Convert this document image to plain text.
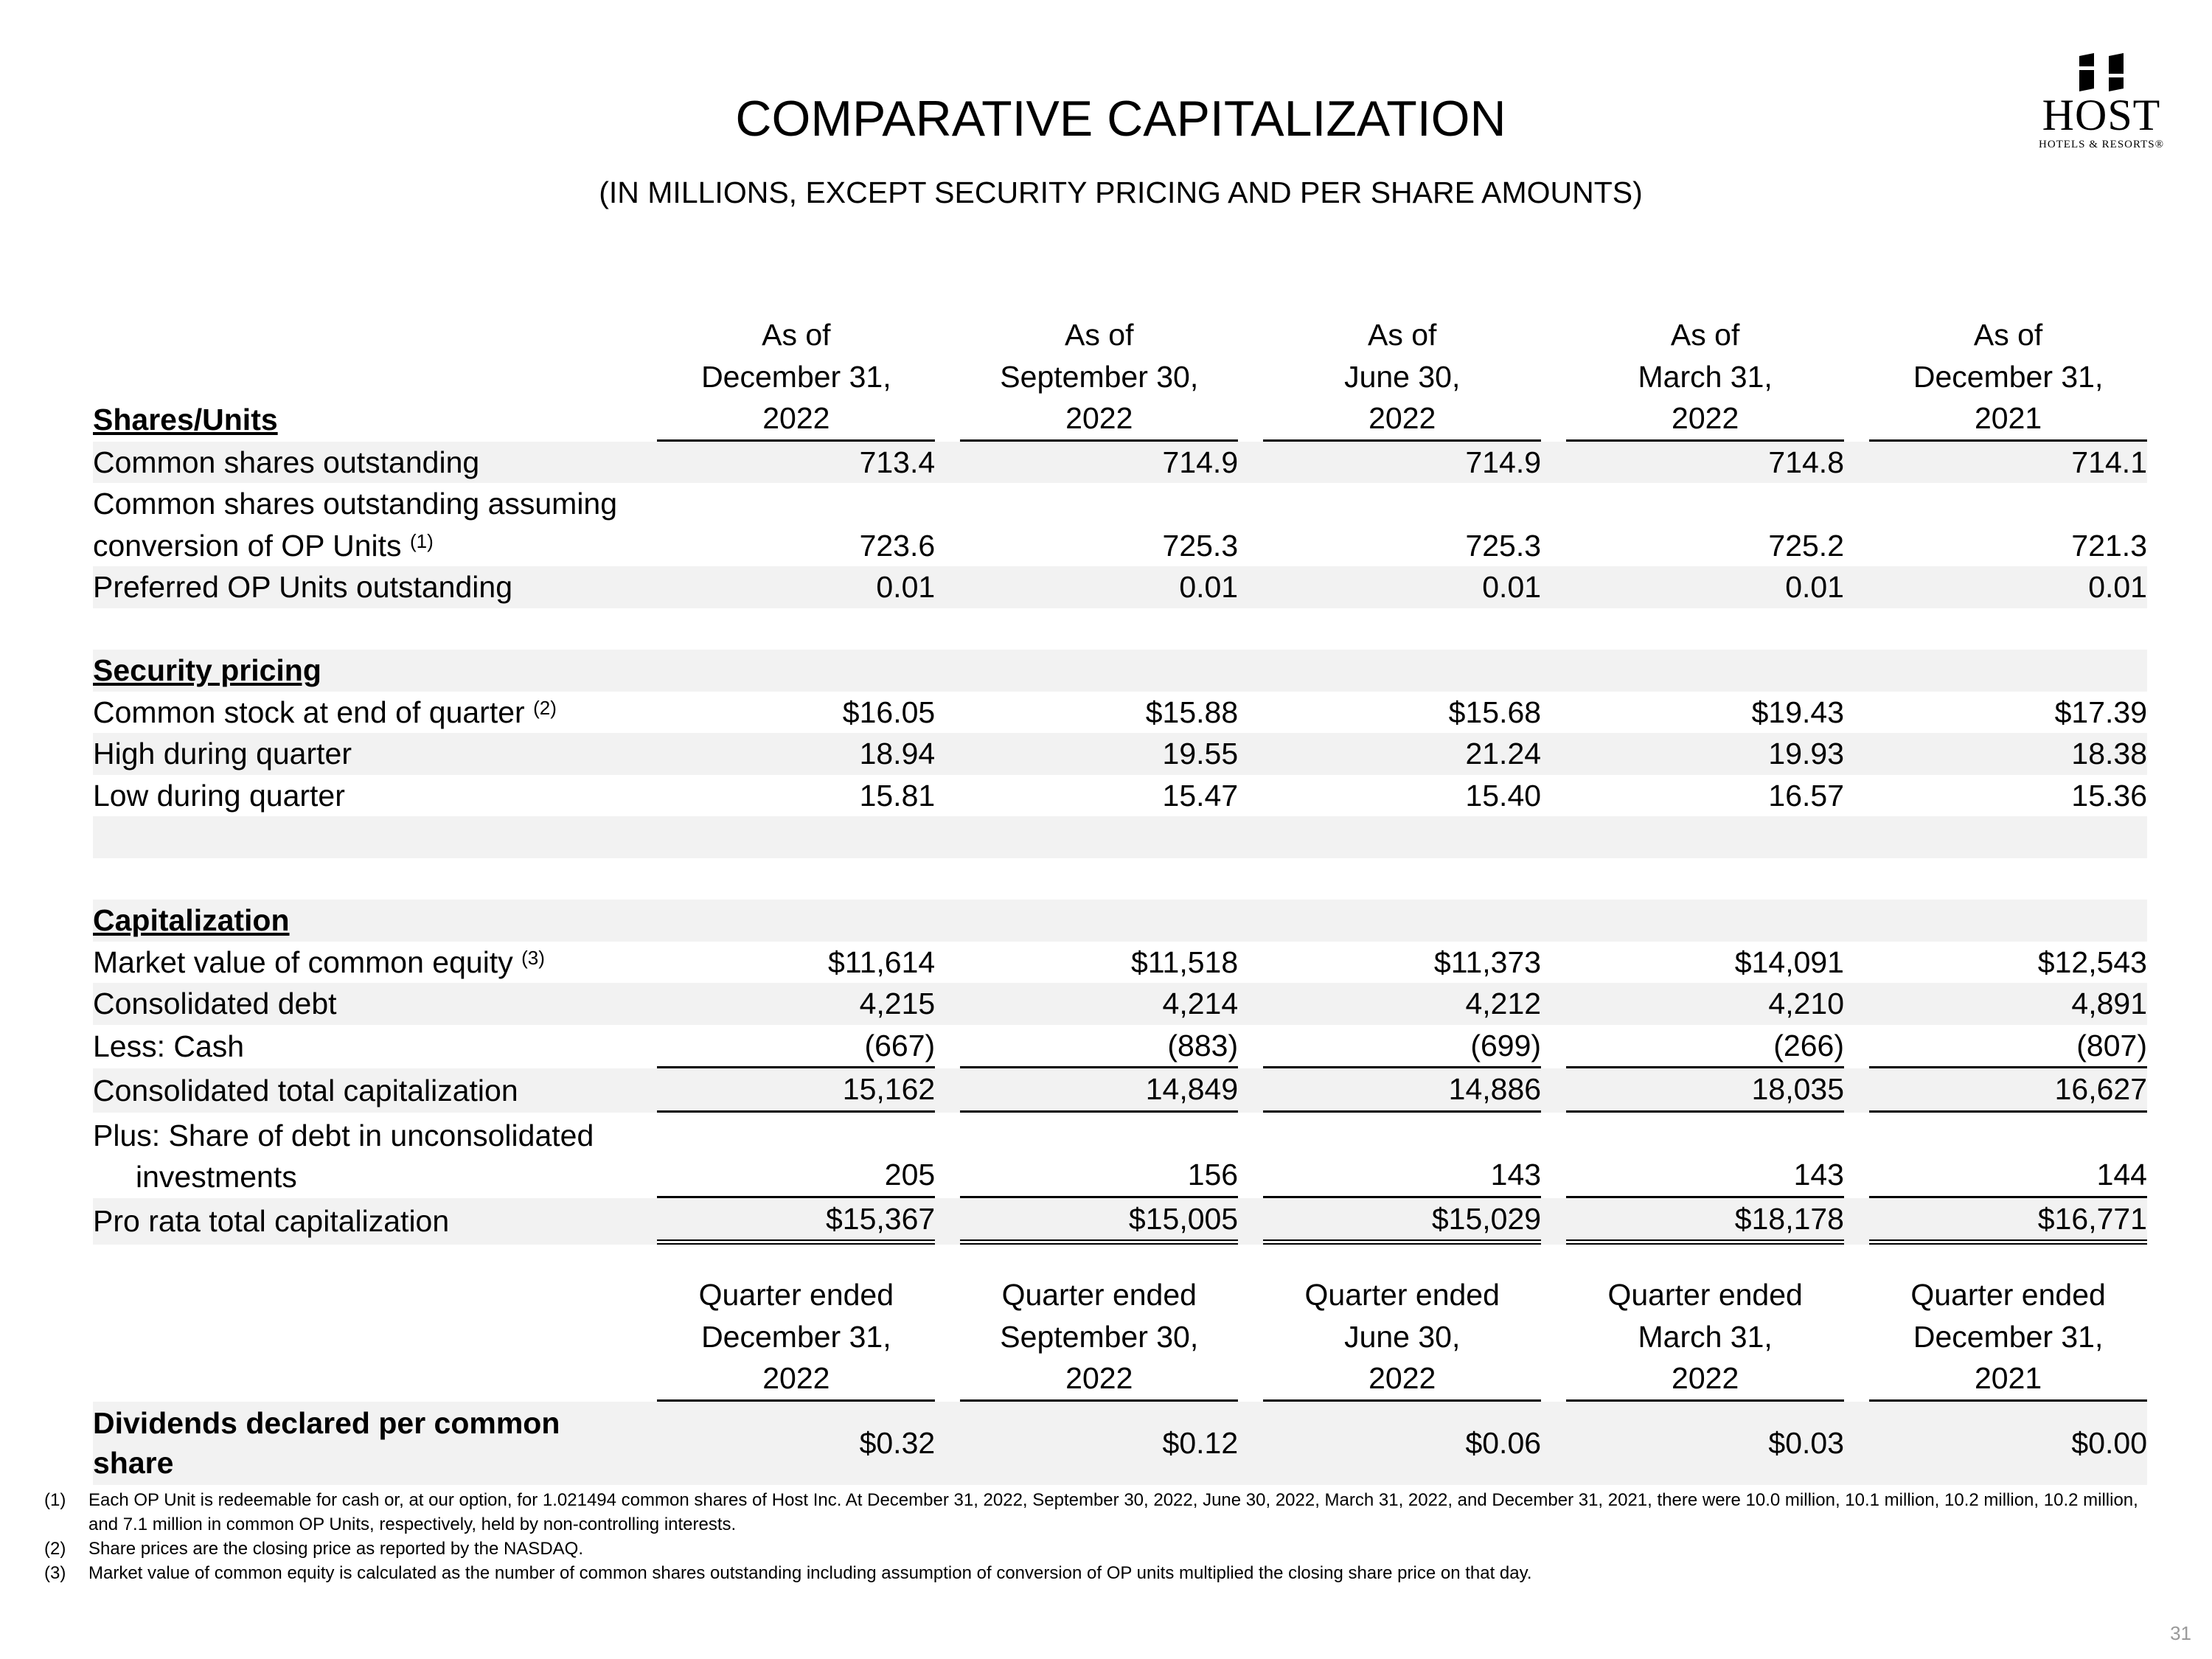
COMPARATIVE CAPITALIZATION
(IN MILLIONS, EXCEPT SECURITY PRICING AND PER SHARE AMOUNTS)
HOST
HOTELS & RESORTS®
	As of		As of		As of		As of		As of
	December 31,		September 30,		June 30,		March 31,		December 31,
Shares/Units	2022		2022		2022		2022		2021
Common shares outstanding	713.4		714.9		714.9		714.8		714.1
Common shares outstanding assuming
conversion of OP Units $^{(1)}$	723.6		725.3		725.3		725.2		721.3
Preferred OP Units outstanding	0.01		0.01		0.01		0.01		0.01

Security pricing									
Common stock at end of quarter $^{(2)}$	$16.05		$15.88		$15.68		$19.43		$17.39
High during quarter	18.94		19.55		21.24		19.93		18.38
Low during quarter	15.81		15.47		15.40		16.57		15.36

Capitalization									
Market value of common equity $^{(3)}$	$11,614		$11,518		$11,373		$14,091		$12,543
Consolidated debt	4,215		4,214		4,212		4,210		4,891
Less: Cash	(667)		(883)		(699)		(266)		(807)
Consolidated total capitalization	15,162		14,849		14,886		18,035		16,627
Plus: Share of debt in unconsolidated
investments	205		156		143		143		144
Pro rata total capitalization	$15,367		$15,005		$15,029		$18,178		$16,771

	Quarter ended		Quarter ended		Quarter ended		Quarter ended		Quarter ended
	December 31,		September 30,		June 30,		March 31,		December 31,
	2022		2022		2022		2022		2021
Dividends declared per common
share	$0.32		$0.12		$0.06		$0.03		$0.00
(1)	Each OP Unit is redeemable for cash or, at our option, for 1.021494 common shares of Host Inc. At December 31, 2022, September 30, 2022, June 30, 2022, March 31, 2022, and December 31, 2021, there were 10.0 million, 10.1 million, 10.2 million, 10.2 million, and 7.1 million in common OP Units, respectively, held by non-controlling interests.
(2)	Share prices are the closing price as reported by the NASDAQ.
(3)	Market value of common equity is calculated as the number of common shares outstanding including assumption of conversion of OP units multiplied the closing share price on that day.
31
